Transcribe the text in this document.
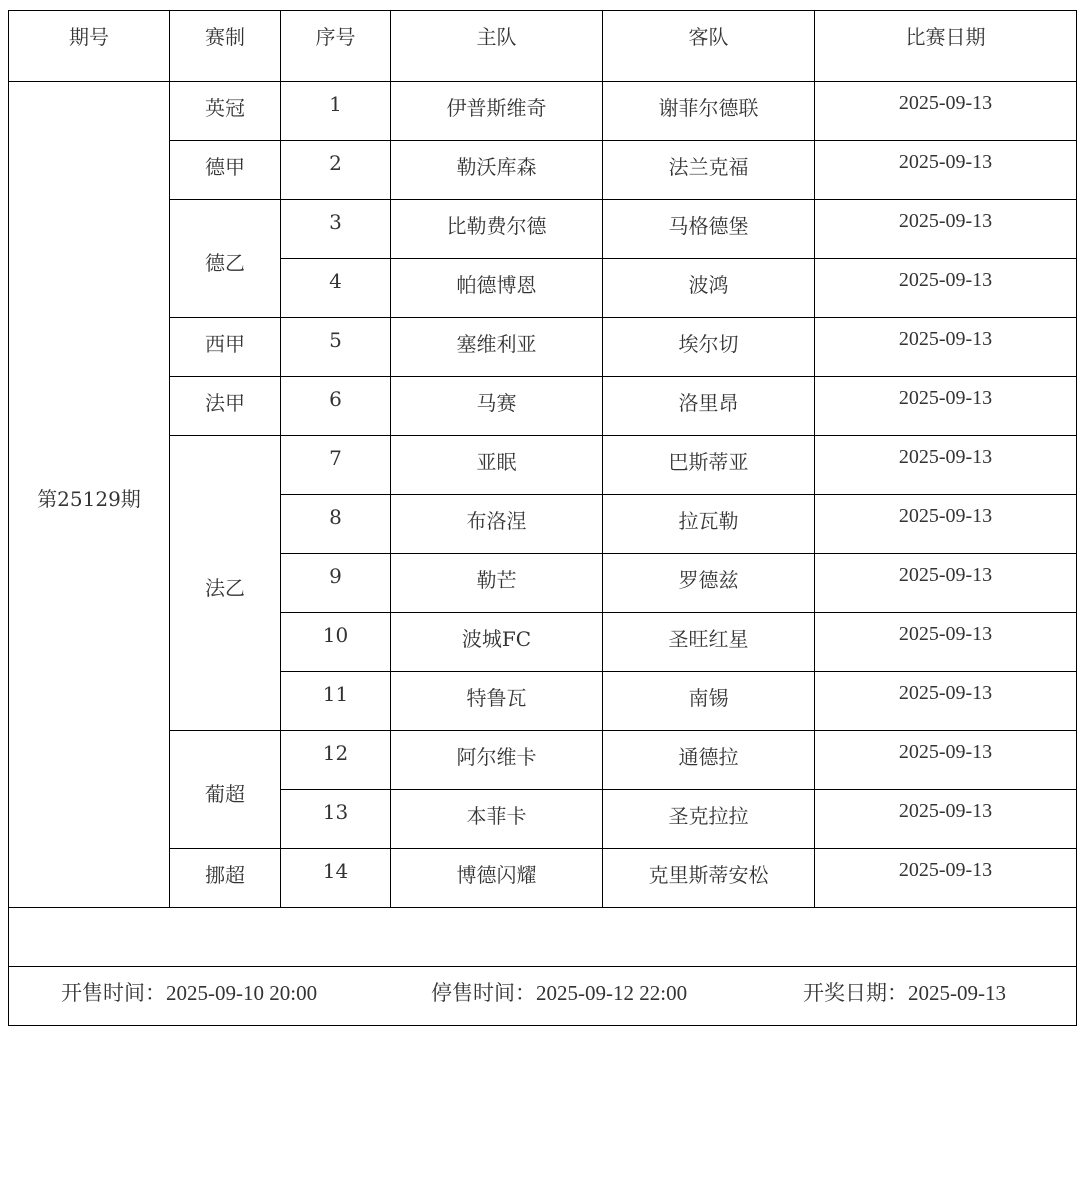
期号	赛制	序号	主队	客队	比赛日期
第25129期	英冠	1	伊普斯维奇	谢菲尔德联	2025-09-13
	德甲	2	勒沃库森	法兰克福	2025-09-13
	德乙	3	比勒费尔德	马格德堡	2025-09-13
		4	帕德博恩	波鸿	2025-09-13
	西甲	5	塞维利亚	埃尔切	2025-09-13
	法甲	6	马赛	洛里昂	2025-09-13
	法乙	7	亚眠	巴斯蒂亚	2025-09-13
		8	布洛涅	拉瓦勒	2025-09-13
		9	勒芒	罗德兹	2025-09-13
		10	波城FC	圣旺红星	2025-09-13
		11	特鲁瓦	南锡	2025-09-13
	葡超	12	阿尔维卡	通德拉	2025-09-13
		13	本菲卡	圣克拉拉	2025-09-13
	挪超	14	博德闪耀	克里斯蒂安松	2025-09-13

开售时间：2025-09-10 20:00 停售时间：2025-09-12 22:00 开奖日期：2025-09-13					
